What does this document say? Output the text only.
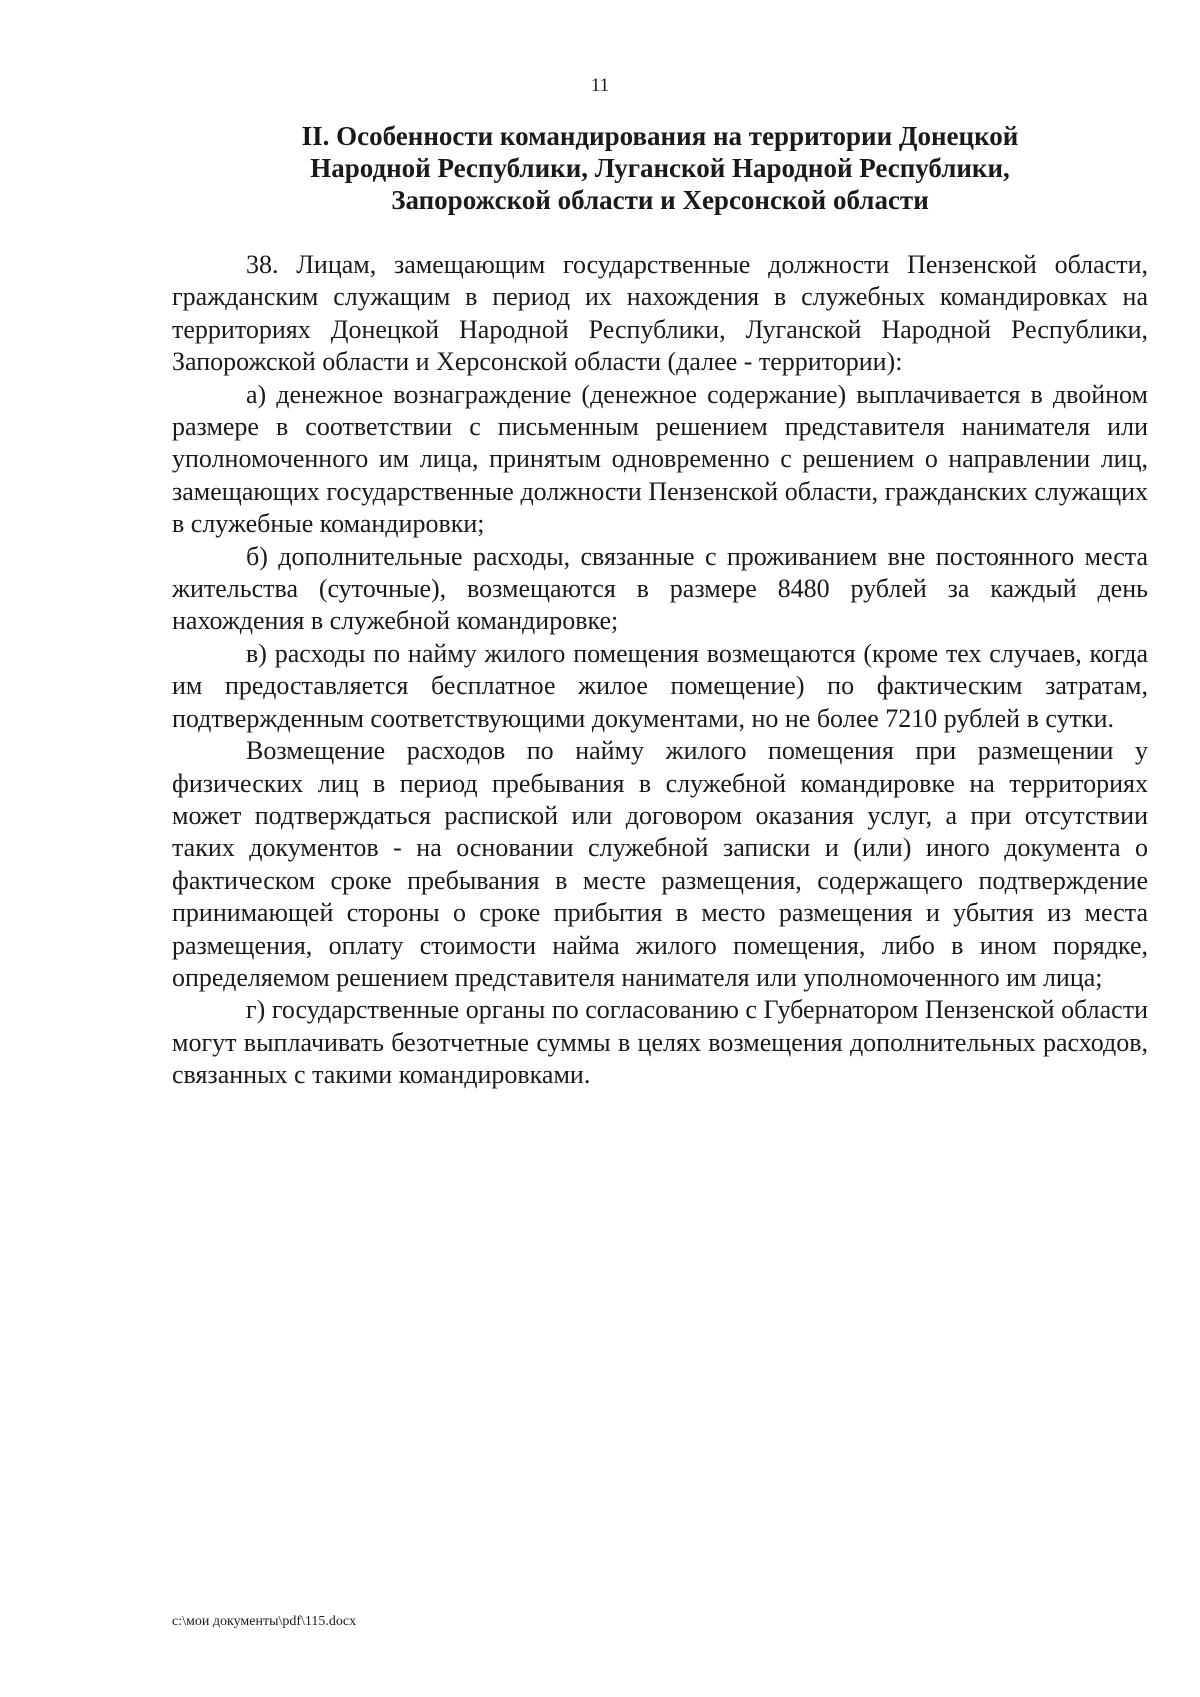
11
II. Особенности командирования на территории Донецкой
Народной Республики, Луганской Народной Республики,
Запорожской области и Херсонской области

38. Лицам, замещающим государственные должности Пензенской области, гражданским служащим в период их нахождения в служебных командировках на территориях Донецкой Народной Республики, Луганской Народной Республики, Запорожской области и Херсонской области (далее - территории):

а) денежное вознаграждение (денежное содержание) выплачивается в двойном размере в соответствии с письменным решением представителя нанимателя или уполномоченного им лица, принятым одновременно с решением о направлении лиц, замещающих государственные должности Пензенской области, гражданских служащих в служебные командировки;

б) дополнительные расходы, связанные с проживанием вне постоянного места жительства (суточные), возмещаются в размере 8480 рублей за каждый день нахождения в служебной командировке;

в) расходы по найму жилого помещения возмещаются (кроме тех случаев, когда им предоставляется бесплатное жилое помещение) по фактическим затратам, подтвержденным соответствующими документами, но не более 7210 рублей в сутки.

Возмещение расходов по найму жилого помещения при размещении у физических лиц в период пребывания в служебной командировке на территориях может подтверждаться распиской или договором оказания услуг, а при отсутствии таких документов - на основании служебной записки и (или) иного документа о фактическом сроке пребывания в месте размещения, содержащего подтверждение принимающей стороны о сроке прибытия в место размещения и убытия из места размещения, оплату стоимости найма жилого помещения, либо в ином порядке, определяемом решением представителя нанимателя или уполномоченного им лица;

г) государственные органы по согласованию с Губернатором Пензенской области могут выплачивать безотчетные суммы в целях возмещения дополнительных расходов, связанных с такими командировками.

c:\мои документы\pdf\115.docx
